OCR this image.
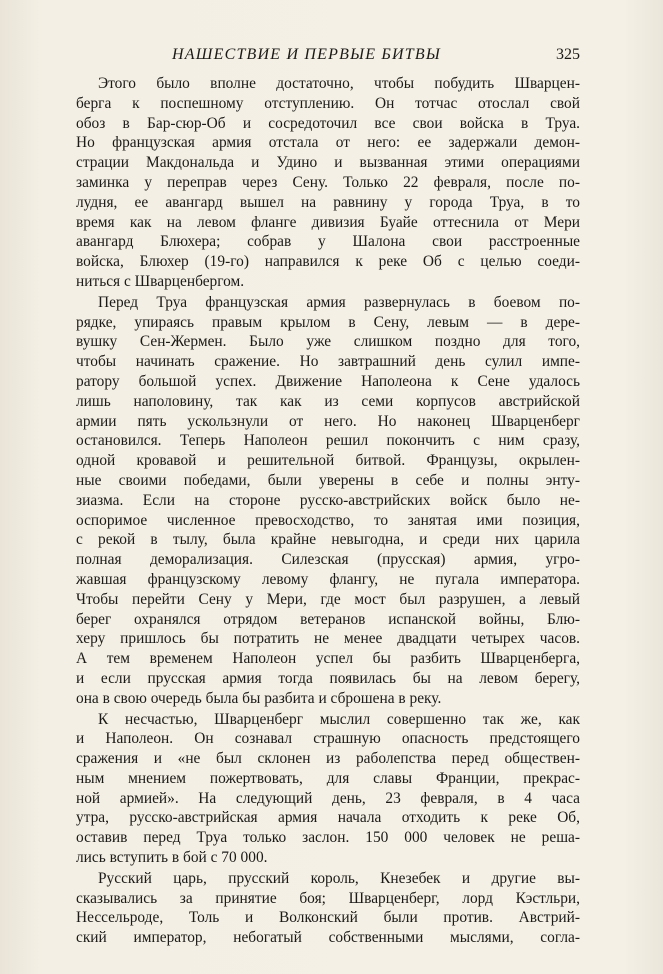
НАШЕСТВИЕ И ПЕРВЫЕ БИТВЫ	325
Этого было вполне достаточно, чтобы побудить Шварцен-
берга к поспешному отступлению. Он тотчас отослал свой
обоз в Бар-сюр-Об и сосредоточил все свои войска в Труа.
Но французская армия отстала от него: ее задержали демон-
страции Макдональда и Удино и вызванная этими операциями
заминка у переправ через Сену. Только 22 февраля, после по-
лудня, ее авангард вышел на равнину у города Труа, в то
время как на левом фланге дивизия Буайе оттеснила от Мери
авангард Блюхера; собрав у Шалона свои расстроенные
войска, Блюхер (19-го) направился к реке Об с целью соеди-
ниться с Шварценбергом.
Перед Труа французская армия развернулась в боевом по-
рядке, упираясь правым крылом в Сену, левым — в дере-
вушку Сен-Жермен. Было уже слишком поздно для того,
чтобы начинать сражение. Но завтрашний день сулил импе-
ратору большой успех. Движение Наполеона к Сене удалось
лишь наполовину, так как из семи корпусов австрийской
армии пять ускользнули от него. Но наконец Шварценберг
остановился. Теперь Наполеон решил покончить с ним сразу,
одной кровавой и решительной битвой. Французы, окрылен-
ные своими победами, были уверены в себе и полны энту-
зиазма. Если на стороне русско-австрийских войск было не-
оспоримое численное превосходство, то занятая ими позиция,
с рекой в тылу, была крайне невыгодна, и среди них царила
полная деморализация. Силезская (прусская) армия, угро-
жавшая французскому левому флангу, не пугала императора.
Чтобы перейти Сену у Мери, где мост был разрушен, а левый
берег охранялся отрядом ветеранов испанской войны, Блю-
херу пришлось бы потратить не менее двадцати четырех часов.
А тем временем Наполеон успел бы разбить Шварценберга,
и если прусская армия тогда появилась бы на левом берегу,
она в свою очередь была бы разбита и сброшена в реку.
К несчастью, Шварценберг мыслил совершенно так же, как
и Наполеон. Он сознавал страшную опасность предстоящего
сражения и «не был склонен из раболепства перед обществен-
ным мнением пожертвовать, для славы Франции, прекрас-
ной армией». На следующий день, 23 февраля, в 4 часа
утра, русско-австрийская армия начала отходить к реке Об,
оставив перед Труа только заслон. 150 000 человек не реша-
лись вступить в бой с 70 000.
Русский царь, прусский король, Кнезебек и другие вы-
сказывались за принятие боя; Шварценберг, лорд Кэстльри,
Нессельроде, Толь и Волконский были против. Австрий-
ский император, небогатый собственными мыслями, согла-
